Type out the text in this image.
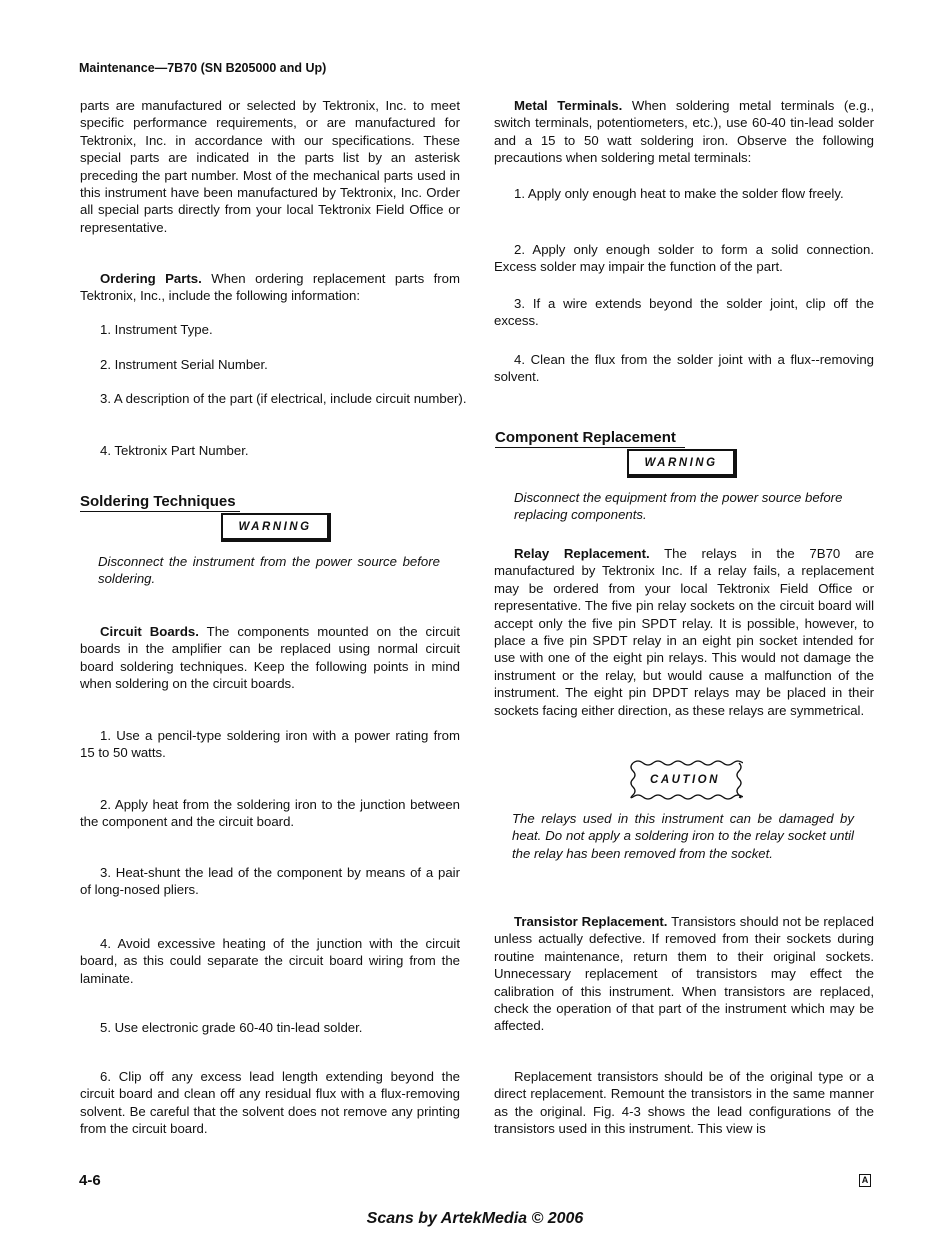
Maintenance—7B70 (SN B205000 and Up)

parts are manufactured or selected by Tektronix, Inc. to meet specific performance requirements, or are manufactured for Tektronix, Inc. in accordance with our specifications. These special parts are indicated in the parts list by an asterisk preceding the part number. Most of the mechanical parts used in this instrument have been manufactured by Tektronix, Inc. Order all special parts directly from your local Tektronix Field Office or representative.

Ordering Parts. When ordering replacement parts from Tektronix, Inc., include the following information:

1. Instrument Type.

2. Instrument Serial Number.

3. A description of the part (if electrical, include circuit number).

4. Tektronix Part Number.

Soldering Techniques
WARNING

Disconnect the instrument from the power source before soldering.

Circuit Boards. The components mounted on the circuit boards in the amplifier can be replaced using normal circuit board soldering techniques. Keep the following points in mind when soldering on the circuit boards.

1. Use a pencil-type soldering iron with a power rating from 15 to 50 watts.

2. Apply heat from the soldering iron to the junction between the component and the circuit board.

3. Heat-shunt the lead of the component by means of a pair of long-nosed pliers.

4. Avoid excessive heating of the junction with the circuit board, as this could separate the circuit board wiring from the laminate.

5. Use electronic grade 60-40 tin-lead solder.

6. Clip off any excess lead length extending beyond the circuit board and clean off any residual flux with a flux-removing solvent. Be careful that the solvent does not remove any printing from the circuit board.

Metal Terminals. When soldering metal terminals (e.g., switch terminals, potentiometers, etc.), use 60-40 tin-lead solder and a 15 to 50 watt soldering iron. Observe the following precautions when soldering metal terminals:

1. Apply only enough heat to make the solder flow freely.

2. Apply only enough solder to form a solid connection. Excess solder may impair the function of the part.

3. If a wire extends beyond the solder joint, clip off the excess.

4. Clean the flux from the solder joint with a flux--removing solvent.

Component Replacement
WARNING

Disconnect the equipment from the power source before replacing components.

Relay Replacement. The relays in the 7B70 are manufactured by Tektronix Inc. If a relay fails, a replacement may be ordered from your local Tektronix Field Office or representative. The five pin relay sockets on the circuit board will accept only the five pin SPDT relay. It is possible, however, to place a five pin SPDT relay in an eight pin socket intended for use with one of the eight pin relays. This would not damage the instrument or the relay, but would cause a malfunction of the instrument. The eight pin DPDT relays may be placed in their sockets facing either direction, as these relays are symmetrical.

CAUTION

The relays used in this instrument can be damaged by heat. Do not apply a soldering iron to the relay socket until the relay has been removed from the socket.

Transistor Replacement. Transistors should not be replaced unless actually defective. If removed from their sockets during routine maintenance, return them to their original sockets. Unnecessary replacement of transistors may effect the calibration of this instrument. When transistors are replaced, check the operation of that part of the instrument which may be affected.

Replacement transistors should be of the original type or a direct replacement. Remount the transistors in the same manner as the original. Fig. 4-3 shows the lead configurations of the transistors used in this instrument. This view is

4-6	A
Scans by ArtekMedia © 2006
